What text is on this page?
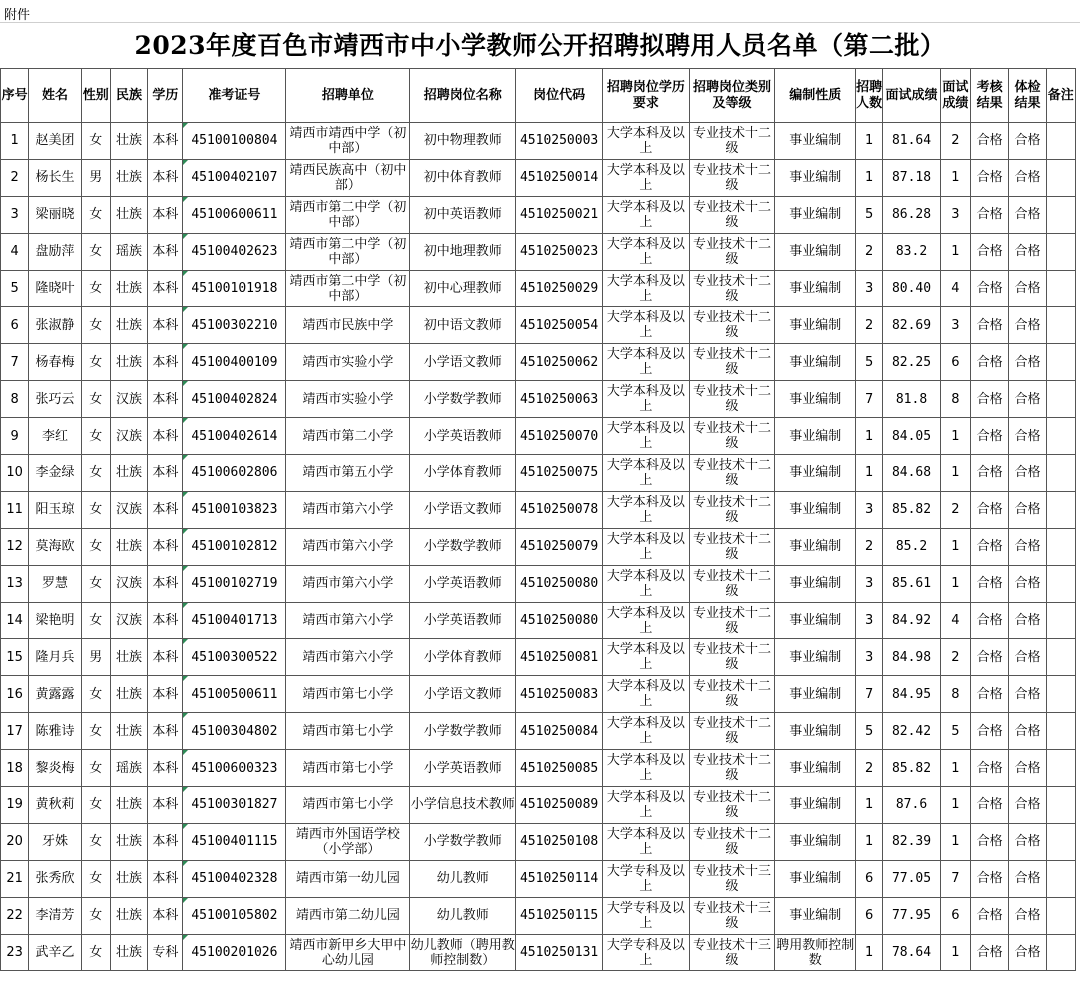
附件
2023年度百色市靖西市中小学教师公开招聘拟聘用人员名单（第二批）
序号	姓名	性别	民族	学历	准考证号	招聘单位	招聘岗位名称	岗位代码	招聘岗位学历要求	招聘岗位类别及等级	编制性质	招聘人数	面试成绩	面试成绩	考核结果	体检结果	备注
1	赵美团	女	壮族	本科	45100100804	靖西市靖西中学（初中部）	初中物理教师	4510250003	大学本科及以上	专业技术十二级	事业编制	1	81.64	2	合格	合格	
2	杨长生	男	壮族	本科	45100402107	靖西民族高中（初中部）	初中体育教师	4510250014	大学本科及以上	专业技术十二级	事业编制	1	87.18	1	合格	合格	
3	梁丽晓	女	壮族	本科	45100600611	靖西市第二中学（初中部）	初中英语教师	4510250021	大学本科及以上	专业技术十二级	事业编制	5	86.28	3	合格	合格	
4	盘励萍	女	瑶族	本科	45100402623	靖西市第二中学（初中部）	初中地理教师	4510250023	大学本科及以上	专业技术十二级	事业编制	2	83.2	1	合格	合格	
5	隆晓叶	女	壮族	本科	45100101918	靖西市第二中学（初中部）	初中心理教师	4510250029	大学本科及以上	专业技术十二级	事业编制	3	80.40	4	合格	合格	
6	张淑静	女	壮族	本科	45100302210	靖西市民族中学	初中语文教师	4510250054	大学本科及以上	专业技术十二级	事业编制	2	82.69	3	合格	合格	
7	杨春梅	女	壮族	本科	45100400109	靖西市实验小学	小学语文教师	4510250062	大学本科及以上	专业技术十二级	事业编制	5	82.25	6	合格	合格	
8	张巧云	女	汉族	本科	45100402824	靖西市实验小学	小学数学教师	4510250063	大学本科及以上	专业技术十二级	事业编制	7	81.8	8	合格	合格	
9	李红	女	汉族	本科	45100402614	靖西市第二小学	小学英语教师	4510250070	大学本科及以上	专业技术十二级	事业编制	1	84.05	1	合格	合格	
10	李金绿	女	壮族	本科	45100602806	靖西市第五小学	小学体育教师	4510250075	大学本科及以上	专业技术十二级	事业编制	1	84.68	1	合格	合格	
11	阳玉琼	女	汉族	本科	45100103823	靖西市第六小学	小学语文教师	4510250078	大学本科及以上	专业技术十二级	事业编制	3	85.82	2	合格	合格	
12	莫海欧	女	壮族	本科	45100102812	靖西市第六小学	小学数学教师	4510250079	大学本科及以上	专业技术十二级	事业编制	2	85.2	1	合格	合格	
13	罗慧	女	汉族	本科	45100102719	靖西市第六小学	小学英语教师	4510250080	大学本科及以上	专业技术十二级	事业编制	3	85.61	1	合格	合格	
14	梁艳明	女	汉族	本科	45100401713	靖西市第六小学	小学英语教师	4510250080	大学本科及以上	专业技术十二级	事业编制	3	84.92	4	合格	合格	
15	隆月兵	男	壮族	本科	45100300522	靖西市第六小学	小学体育教师	4510250081	大学本科及以上	专业技术十二级	事业编制	3	84.98	2	合格	合格	
16	黄露露	女	壮族	本科	45100500611	靖西市第七小学	小学语文教师	4510250083	大学本科及以上	专业技术十二级	事业编制	7	84.95	8	合格	合格	
17	陈雅诗	女	壮族	本科	45100304802	靖西市第七小学	小学数学教师	4510250084	大学本科及以上	专业技术十二级	事业编制	5	82.42	5	合格	合格	
18	黎炎梅	女	瑶族	本科	45100600323	靖西市第七小学	小学英语教师	4510250085	大学本科及以上	专业技术十二级	事业编制	2	85.82	1	合格	合格	
19	黄秋莉	女	壮族	本科	45100301827	靖西市第七小学	小学信息技术教师	4510250089	大学本科及以上	专业技术十二级	事业编制	1	87.6	1	合格	合格	
20	牙姝	女	壮族	本科	45100401115	靖西市外国语学校（小学部）	小学数学教师	4510250108	大学本科及以上	专业技术十二级	事业编制	1	82.39	1	合格	合格	
21	张秀欣	女	壮族	本科	45100402328	靖西市第一幼儿园	幼儿教师	4510250114	大学专科及以上	专业技术十三级	事业编制	6	77.05	7	合格	合格	
22	李清芳	女	壮族	本科	45100105802	靖西市第二幼儿园	幼儿教师	4510250115	大学专科及以上	专业技术十三级	事业编制	6	77.95	6	合格	合格	
23	武辛乙	女	壮族	专科	45100201026	靖西市新甲乡大甲中心幼儿园	幼儿教师（聘用教师控制数）	4510250131	大学专科及以上	专业技术十三级	聘用教师控制数	1	78.64	1	合格	合格	
